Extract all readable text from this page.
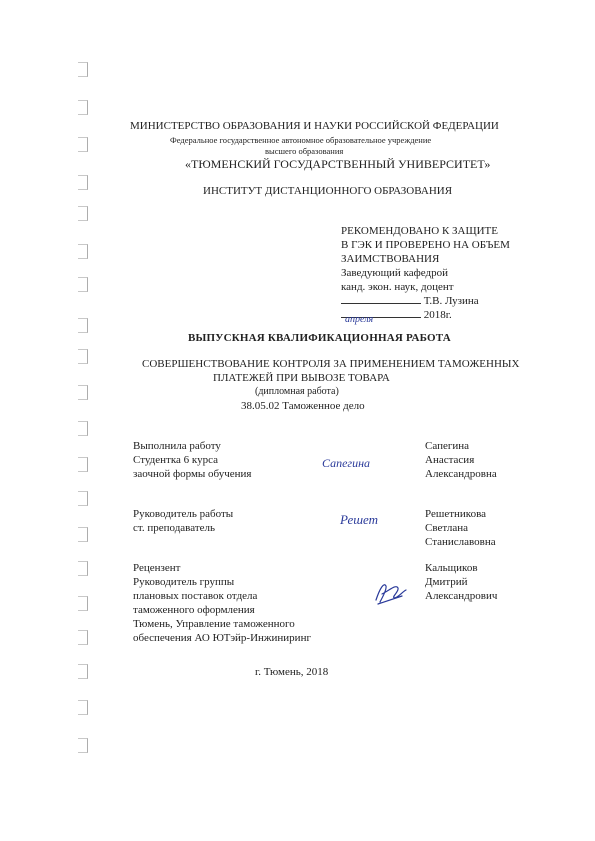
МИНИСТЕРСТВО ОБРАЗОВАНИЯ И НАУКИ РОССИЙСКОЙ ФЕДЕРАЦИИ
Федеральное государственное автономное образовательное учреждение
высшего образования
«ТЮМЕНСКИЙ ГОСУДАРСТВЕННЫЙ УНИВЕРСИТЕТ»
ИНСТИТУТ ДИСТАНЦИОННОГО ОБРАЗОВАНИЯ
РЕКОМЕНДОВАНО К ЗАЩИТЕ
В ГЭК И ПРОВЕРЕНО НА ОБЪЕМ
ЗАИМСТВОВАНИЯ
Заведующий кафедрой
канд. экон. наук, доцент
Т.В. Лузина
апреля	2018г.
ВЫПУСКНАЯ КВАЛИФИКАЦИОННАЯ РАБОТА
СОВЕРШЕНСТВОВАНИЕ КОНТРОЛЯ ЗА ПРИМЕНЕНИЕМ ТАМОЖЕННЫХ
ПЛАТЕЖЕЙ ПРИ ВЫВОЗЕ ТОВАРА
(дипломная работа)
38.05.02 Таможенное дело
Выполнила работу
Студентка 6 курса
заочной формы обучения
Сапегина
Анастасия
Александровна
Сапегина
Руководитель работы
ст. преподаватель
Решетникова
Светлана
Станиславовна
Решет
Рецензент
Руководитель группы
плановых поставок отдела
таможенного оформления
Тюмень, Управление таможенного
обеспечения АО ЮТэйр-Инжиниринг
Кальщиков
Дмитрий
Александрович
г. Тюмень, 2018
